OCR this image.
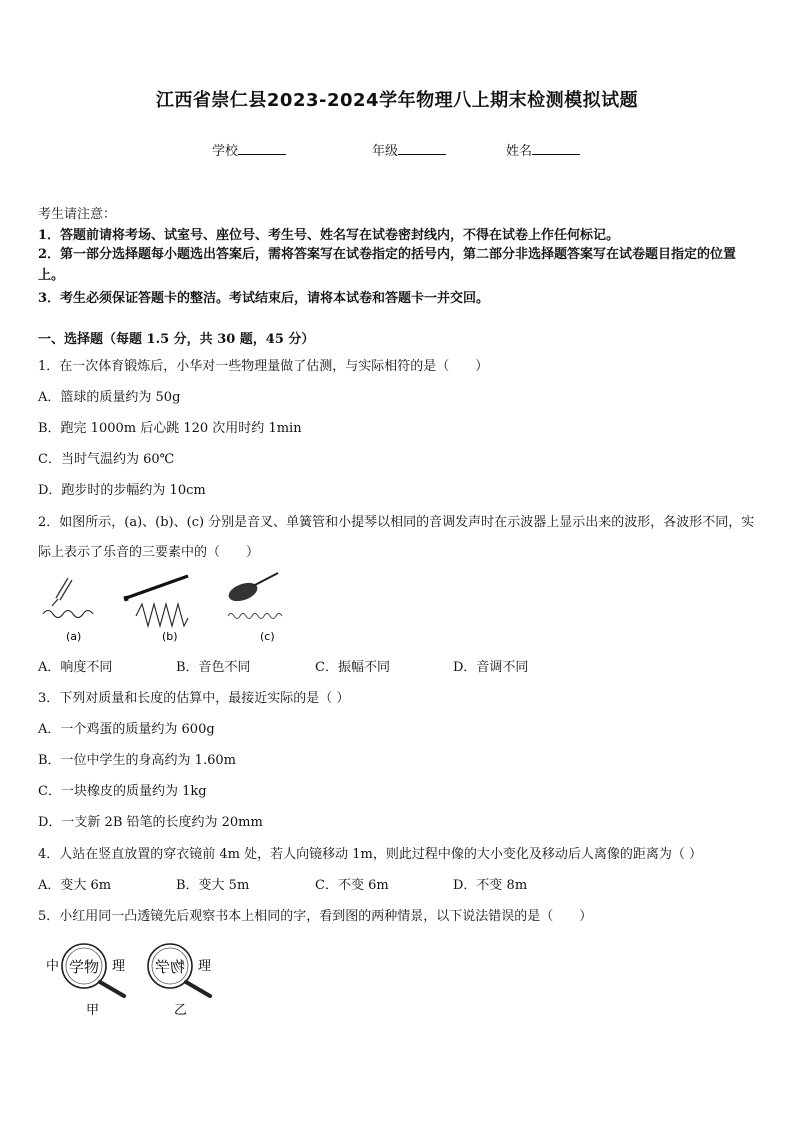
江西省崇仁县2023-2024学年物理八上期末检测模拟试题
学校	年级	姓名
考生请注意：
1．答题前请将考场、试室号、座位号、考生号、姓名写在试卷密封线内，不得在试卷上作任何标记。
2．第一部分选择题每小题选出答案后，需将答案写在试卷指定的括号内，第二部分非选择题答案写在试卷题目指定的位置上。
3．考生必须保证答题卡的整洁。考试结束后，请将本试卷和答题卡一并交回。
一、选择题（每题 1.5 分，共 30 题，45 分）
1．在一次体育锻炼后，小华对一些物理量做了估测，与实际相符的是（　　）
A．篮球的质量约为 50g
B．跑完 1000m 后心跳 120 次用时约 1min
C．当时气温约为 60℃
D．跑步时的步幅约为 10cm
2．如图所示，(a)、(b)、(c) 分别是音叉、单簧管和小提琴以相同的音调发声时在示波器上显示出来的波形，各波形不同，实际上表示了乐音的三要素中的（　　）
(a)	(b)	(c)
A．响度不同	B．音色不同	C．振幅不同	D．音调不同
3．下列对质量和长度的估算中，最接近实际的是（ ）
A．一个鸡蛋的质量约为 600g
B．一位中学生的身高约为 1.60m
C．一块橡皮的质量约为 1kg
D．一支新 2B 铅笔的长度约为 20mm
4．人站在竖直放置的穿衣镜前 4m 处，若人向镜移动 1m，则此过程中像的大小变化及移动后人离像的距离为（ ）
A．变大 6m	B．变大 5m	C．不变 6m	D．不变 8m
5．小红用同一凸透镜先后观察书本上相同的字，看到图的两种情景，以下说法错误的是（　　）
中 学物 理
甲
物学 理
乙
